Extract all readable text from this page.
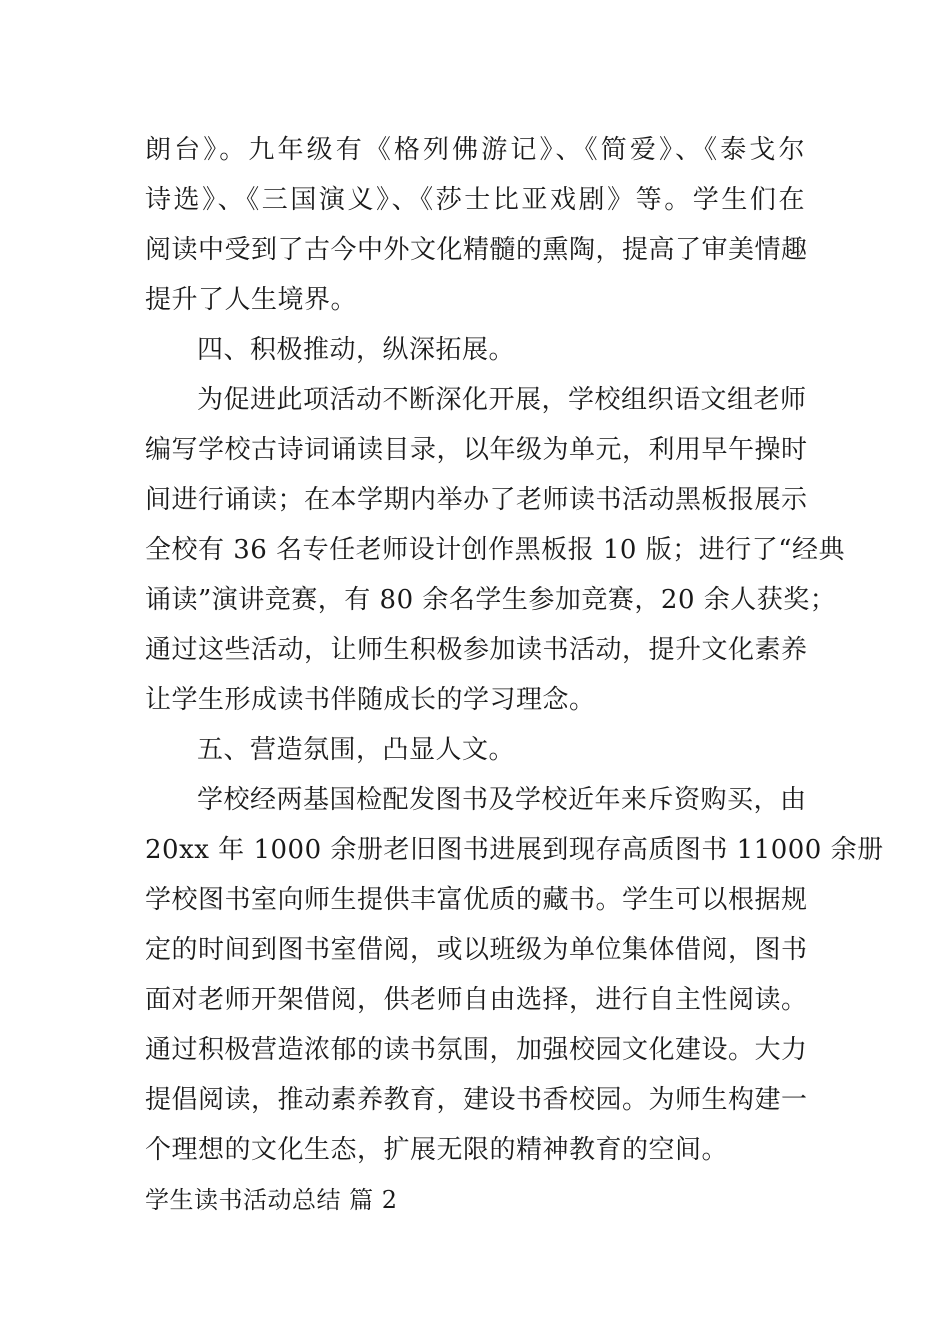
朗台》。九年级有《格列佛游记》、《简爱》、《泰戈尔
诗选》、《三国演义》、《莎士比亚戏剧》等。学生们在
阅读中受到了古今中外文化精髓的熏陶，提高了审美情趣
提升了人生境界。
四、积极推动，纵深拓展。
为促进此项活动不断深化开展，学校组织语文组老师
编写学校古诗词诵读目录，以年级为单元，利用早午操时
间进行诵读；在本学期内举办了老师读书活动黑板报展示
全校有 36 名专任老师设计创作黑板报 10 版；进行了“经典
诵读”演讲竞赛，有 80 余名学生参加竞赛，20 余人获奖；
通过这些活动，让师生积极参加读书活动，提升文化素养
让学生形成读书伴随成长的学习理念。
五、营造氛围，凸显人文。
学校经两基国检配发图书及学校近年来斥资购买，由
20xx 年 1000 余册老旧图书进展到现存高质图书 11000 余册
学校图书室向师生提供丰富优质的藏书。学生可以根据规
定的时间到图书室借阅，或以班级为单位集体借阅，图书
面对老师开架借阅，供老师自由选择，进行自主性阅读。
通过积极营造浓郁的读书氛围，加强校园文化建设。大力
提倡阅读，推动素养教育，建设书香校园。为师生构建一
个理想的文化生态，扩展无限的精神教育的空间。
学生读书活动总结 篇 2
